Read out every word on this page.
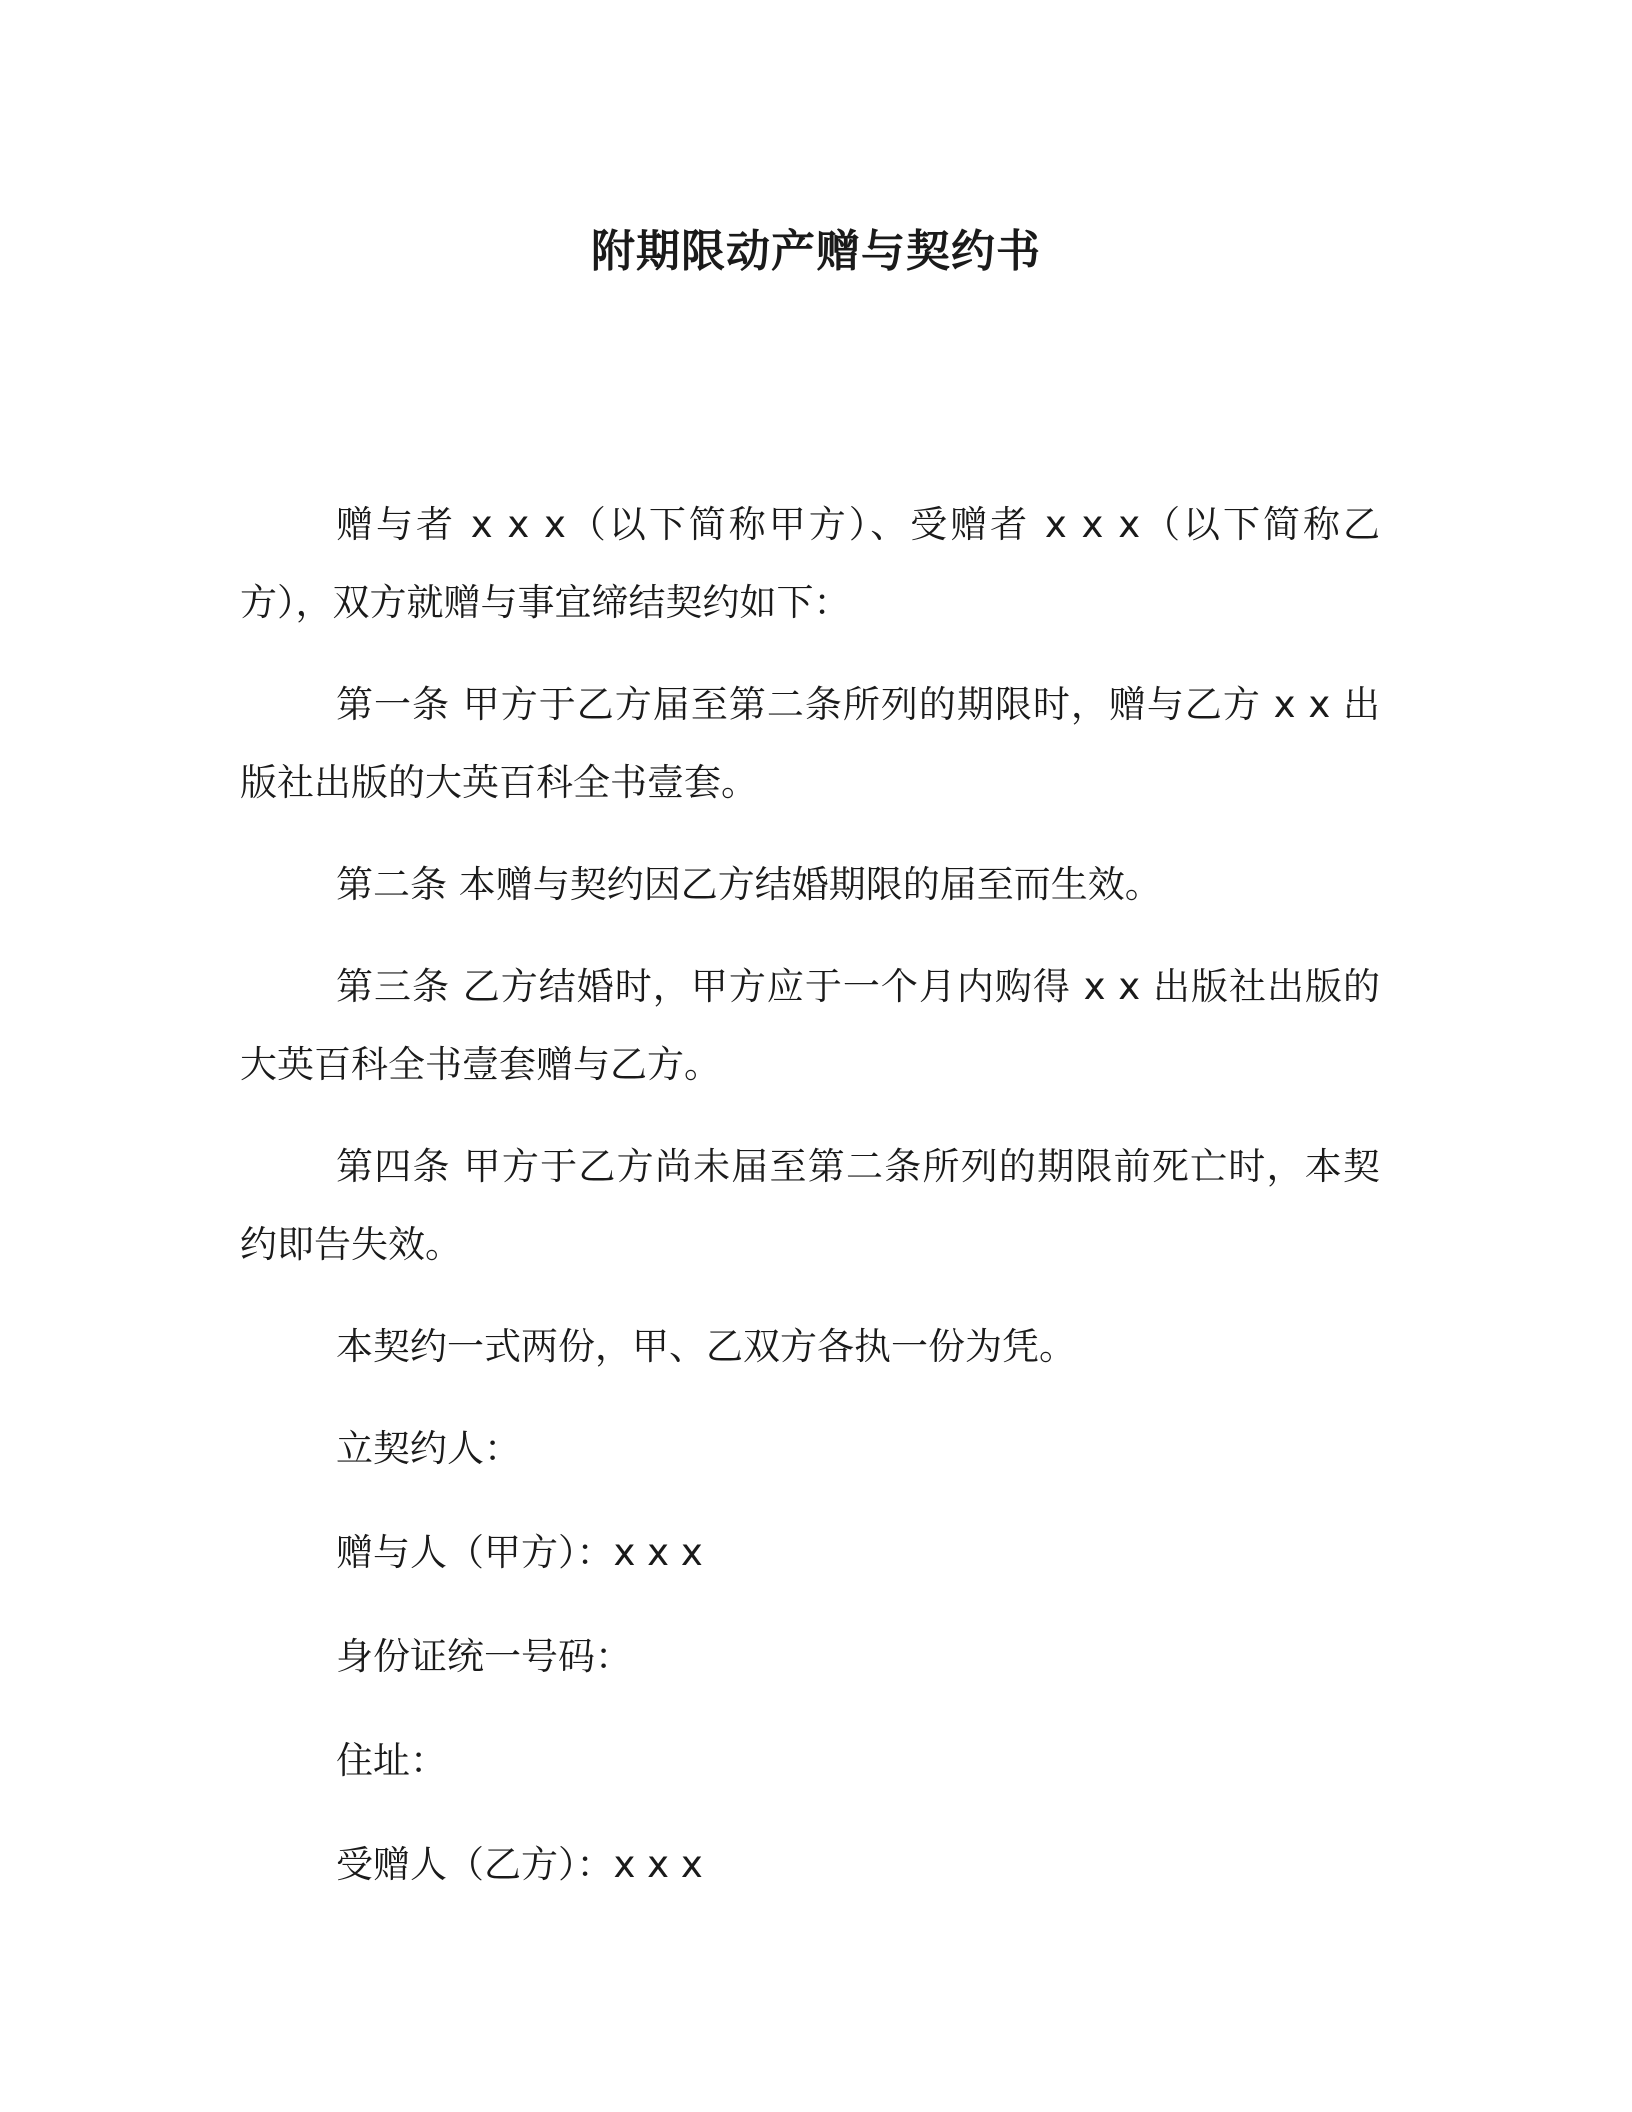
附期限动产赠与契约书

赠与者 x x x（以下简称甲方）、受赠者 x x x（以下简称乙方），双方就赠与事宜缔结契约如下：

第一条 甲方于乙方届至第二条所列的期限时，赠与乙方 x x 出版社出版的大英百科全书壹套。

第二条 本赠与契约因乙方结婚期限的届至而生效。

第三条 乙方结婚时，甲方应于一个月内购得 x x 出版社出版的大英百科全书壹套赠与乙方。

第四条 甲方于乙方尚未届至第二条所列的期限前死亡时，本契约即告失效。

本契约一式两份，甲、乙双方各执一份为凭。

立契约人：

赠与人（甲方）：x x x

身份证统一号码：

住址：

受赠人（乙方）：x x x
